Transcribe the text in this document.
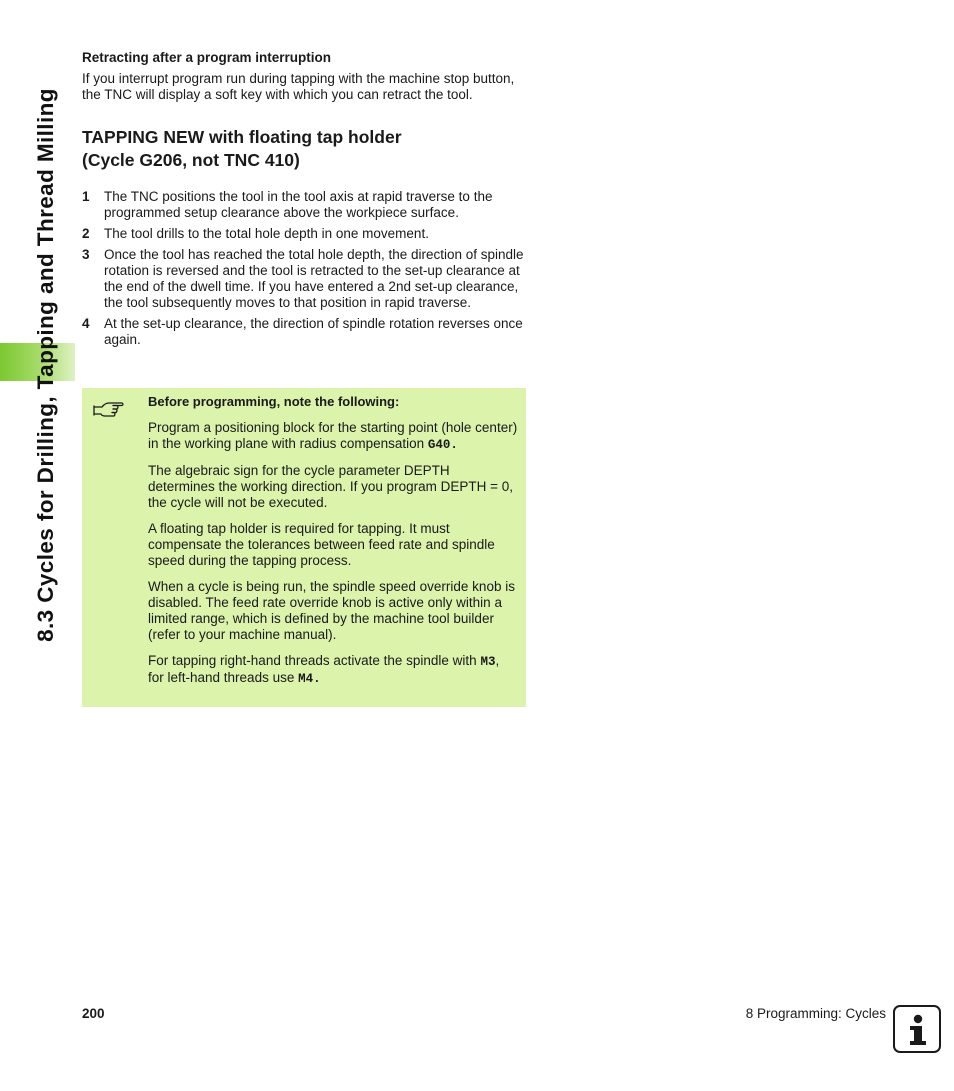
8.3 Cycles for Drilling, Tapping and Thread Milling
Retracting after a program interruption

If you interrupt program run during tapping with the machine stop button, the TNC will display a soft key with which you can retract the tool.

TAPPING NEW with floating tap holder
(Cycle G206, not TNC 410)
1 The TNC positions the tool in the tool axis at rapid traverse to the programmed setup clearance above the workpiece surface.
2 The tool drills to the total hole depth in one movement.
3 Once the tool has reached the total hole depth, the direction of spindle rotation is reversed and the tool is retracted to the set-up clearance at the end of the dwell time. If you have entered a 2nd set-up clearance, the tool subsequently moves to that position in rapid traverse.
4 At the set-up clearance, the direction of spindle rotation reverses once again.
Before programming, note the following:

Program a positioning block for the starting point (hole center) in the working plane with radius compensation G40.

The algebraic sign for the cycle parameter DEPTH determines the working direction. If you program DEPTH = 0, the cycle will not be executed.

A floating tap holder is required for tapping. It must compensate the tolerances between feed rate and spindle speed during the tapping process.

When a cycle is being run, the spindle speed override knob is disabled. The feed rate override knob is active only within a limited range, which is defined by the machine tool builder (refer to your machine manual).

For tapping right-hand threads activate the spindle with M3, for left-hand threads use M4.

200	8 Programming: Cycles
